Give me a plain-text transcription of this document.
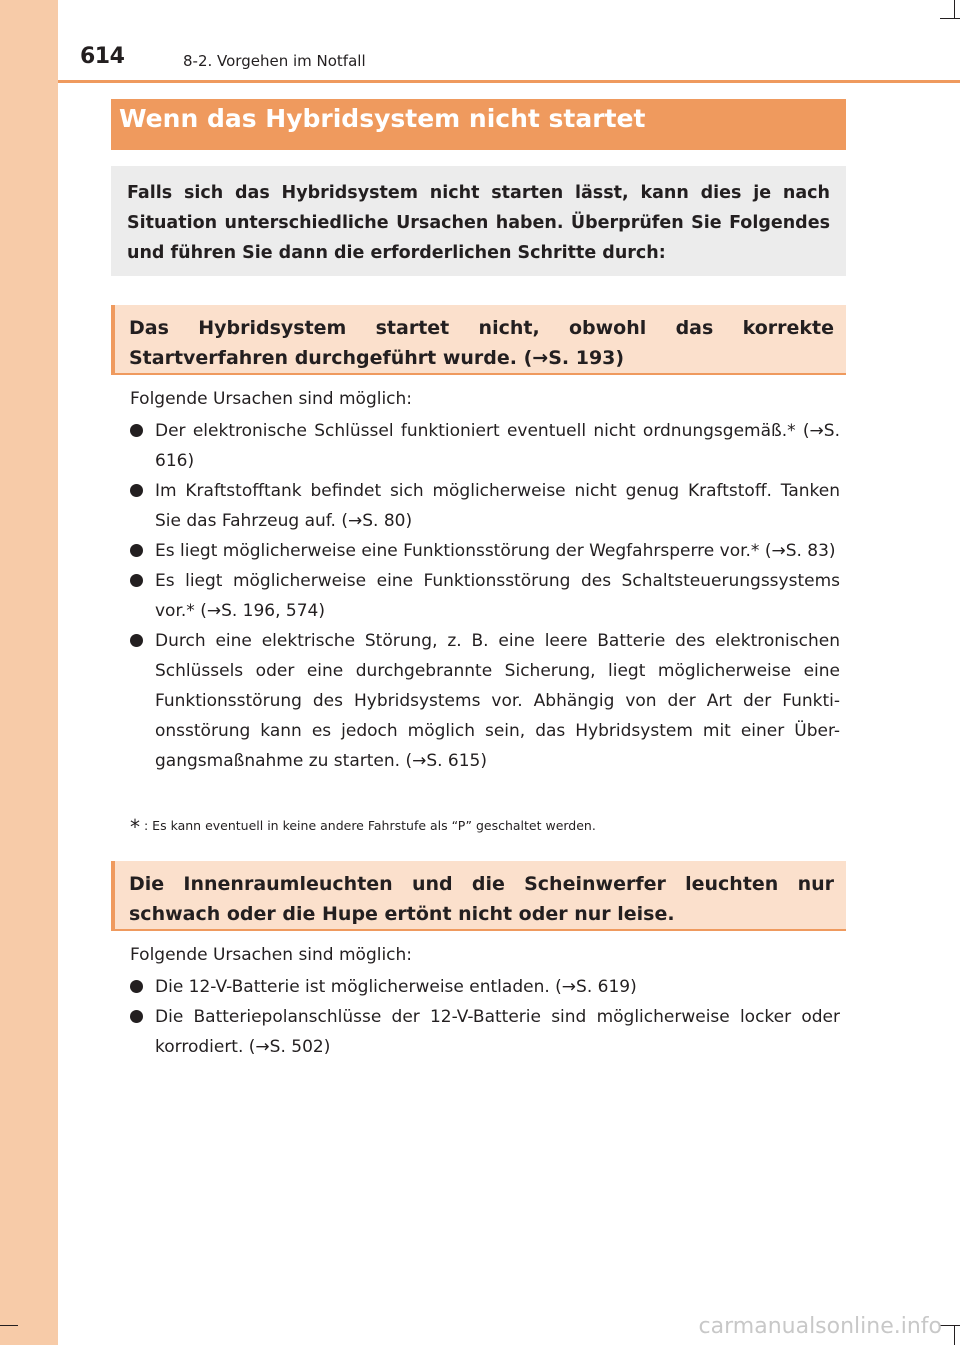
614	8-2. Vorgehen im Notfall
Wenn das Hybridsystem nicht startet
Falls sich das Hybridsystem nicht starten lässt, kann dies je nach Situation unterschiedliche Ursachen haben. Überprüfen Sie Folgendes und führen Sie dann die erforderlichen Schritte durch:
Das Hybridsystem startet nicht, obwohl das korrekte Startverfahren durchgeführt wurde. (→S. 193)
Folgende Ursachen sind möglich:
Der elektronische Schlüssel funktioniert eventuell nicht ordnungsgemäß.* (→S. 616)
Im Kraftstofftank befindet sich möglicherweise nicht genug Kraftstoff. Tanken Sie das Fahrzeug auf. (→S. 80)
Es liegt möglicherweise eine Funktionsstörung der Wegfahrsperre vor.* (→S. 83)
Es liegt möglicherweise eine Funktionsstörung des Schaltsteuerungssystems vor.* (→S. 196, 574)
Durch eine elektrische Störung, z. B. eine leere Batterie des elektronischen Schlüssels oder eine durchgebrannte Sicherung, liegt möglicherweise eine Funktionsstörung des Hybridsystems vor. Abhängig von der Art der Funkti-onsstörung kann es jedoch möglich sein, das Hybridsystem mit einer Über-gangsmaßnahme zu starten. (→S. 615)
* : Es kann eventuell in keine andere Fahrstufe als “P” geschaltet werden.
Die Innenraumleuchten und die Scheinwerfer leuchten nur schwach oder die Hupe ertönt nicht oder nur leise.
Folgende Ursachen sind möglich:
Die 12-V-Batterie ist möglicherweise entladen. (→S. 619)
Die Batteriepolanschlüsse der 12-V-Batterie sind möglicherweise locker oder korrodiert. (→S. 502)
carmanualsonline.info
